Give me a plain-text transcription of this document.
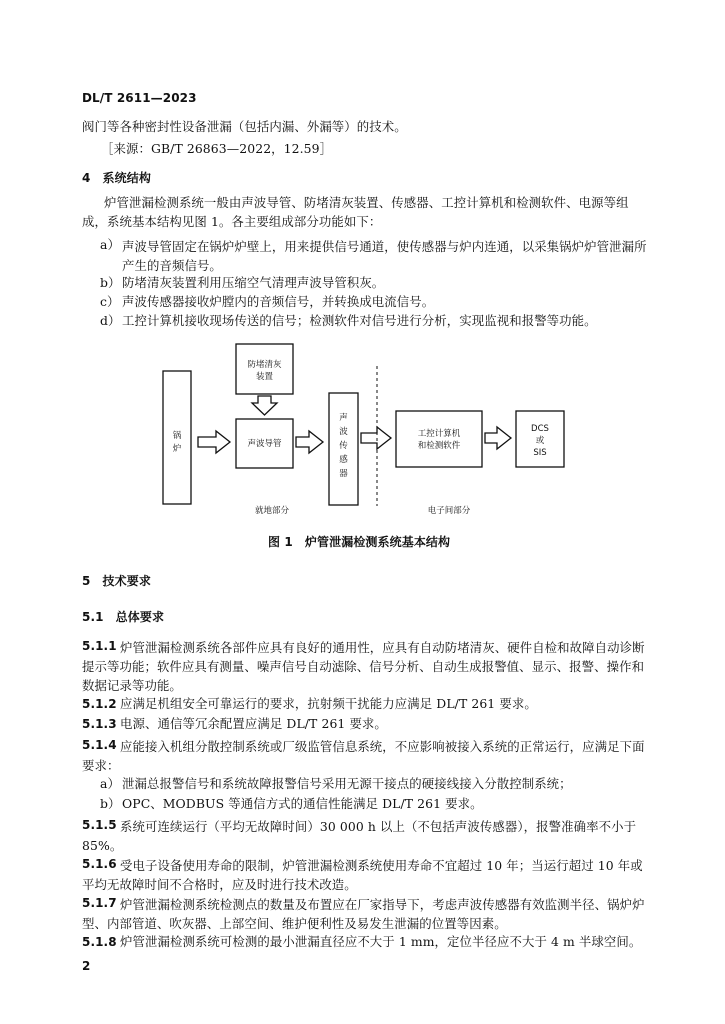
DL/T 2611—2023
阀门等各种密封性设备泄漏（包括内漏、外漏等）的技术。
［来源：GB/T 26863—2022，12.59］
4　系统结构
炉管泄漏检测系统一般由声波导管、防堵清灰装置、传感器、工控计算机和检测软件、电源等组成，系统基本结构见图 1。各主要组成部分功能如下：
a） 声波导管固定在锅炉炉壁上，用来提供信号通道，使传感器与炉内连通，以采集锅炉炉管泄漏所产生的音频信号。
b） 防堵清灰装置利用压缩空气清理声波导管积灰。
c） 声波传感器接收炉膛内的音频信号，并转换成电流信号。
d） 工控计算机接收现场传送的信号；检测软件对信号进行分析，实现监视和报警等功能。
锅
炉
防堵清灰
装置
声波导管
声
波
传
感
器
工控计算机
和检测软件
DCS
或
SIS
就地部分	电子间部分
图 1　炉管泄漏检测系统基本结构
5　技术要求
5.1　总体要求
5.1.1 炉管泄漏检测系统各部件应具有良好的通用性，应具有自动防堵清灰、硬件自检和故障自动诊断提示等功能；软件应具有测量、噪声信号自动滤除、信号分析、自动生成报警值、显示、报警、操作和数据记录等功能。
5.1.2 应满足机组安全可靠运行的要求，抗射频干扰能力应满足 DL/T 261 要求。
5.1.3 电源、通信等冗余配置应满足 DL/T 261 要求。
5.1.4 应能接入机组分散控制系统或厂级监管信息系统，不应影响被接入系统的正常运行，应满足下面要求：
a） 泄漏总报警信号和系统故障报警信号采用无源干接点的硬接线接入分散控制系统；
b） OPC、MODBUS 等通信方式的通信性能满足 DL/T 261 要求。
5.1.5 系统可连续运行（平均无故障时间）30 000 h 以上（不包括声波传感器），报警准确率不小于 85%。
5.1.6 受电子设备使用寿命的限制，炉管泄漏检测系统使用寿命不宜超过 10 年；当运行超过 10 年或平均无故障时间不合格时，应及时进行技术改造。
5.1.7 炉管泄漏检测系统检测点的数量及布置应在厂家指导下，考虑声波传感器有效监测半径、锅炉炉型、内部管道、吹灰器、上部空间、维护便利性及易发生泄漏的位置等因素。
5.1.8 炉管泄漏检测系统可检测的最小泄漏直径应不大于 1 mm，定位半径应不大于 4 m 半球空间。
2
